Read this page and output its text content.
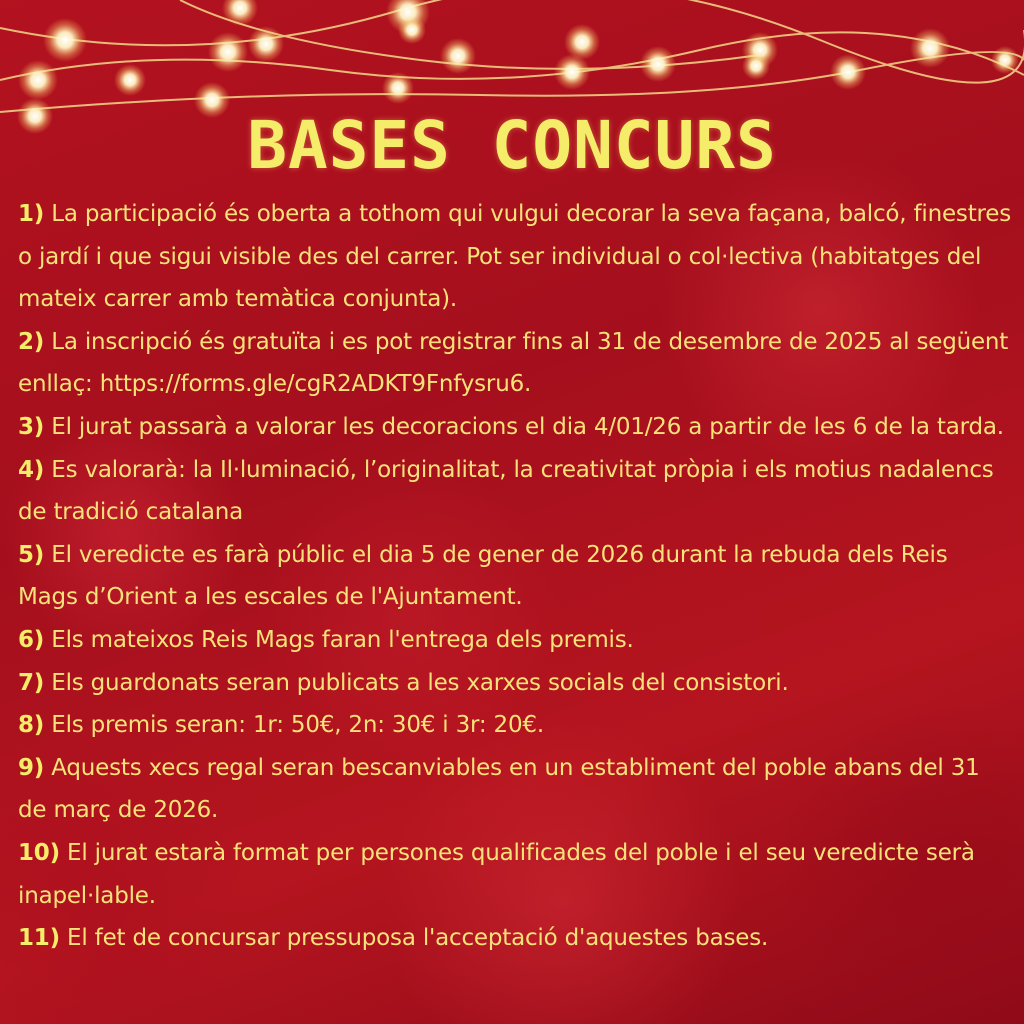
BASES CONCURS
1) La participació és oberta a tothom qui vulgui decorar la seva façana, balcó, finestres o jardí i que sigui visible des del carrer. Pot ser individual o col·lectiva (habitatges del mateix carrer amb temàtica conjunta).
2) La inscripció és gratuïta i es pot registrar fins al 31 de desembre de 2025 al següent enllaç: https://forms.gle/cgR2ADKT9Fnfysru6.
3) El jurat passarà a valorar les decoracions el dia 4/01/26 a partir de les 6 de la tarda.
4) Es valorarà: la Il·luminació, l’originalitat, la creativitat pròpia i els motius nadalencs de tradició catalana
5) El veredicte es farà públic el dia 5 de gener de 2026 durant la rebuda dels Reis Mags d’Orient a les escales de l'Ajuntament.
6) Els mateixos Reis Mags faran l'entrega dels premis.
7) Els guardonats seran publicats a les xarxes socials del consistori.
8) Els premis seran: 1r: 50€, 2n: 30€ i 3r: 20€.
9) Aquests xecs regal seran bescanviables en un establiment del poble abans del 31 de març de 2026.
10) El jurat estarà format per persones qualificades del poble i el seu veredicte serà inapel·lable.
11) El fet de concursar pressuposa l'acceptació d'aquestes bases.
